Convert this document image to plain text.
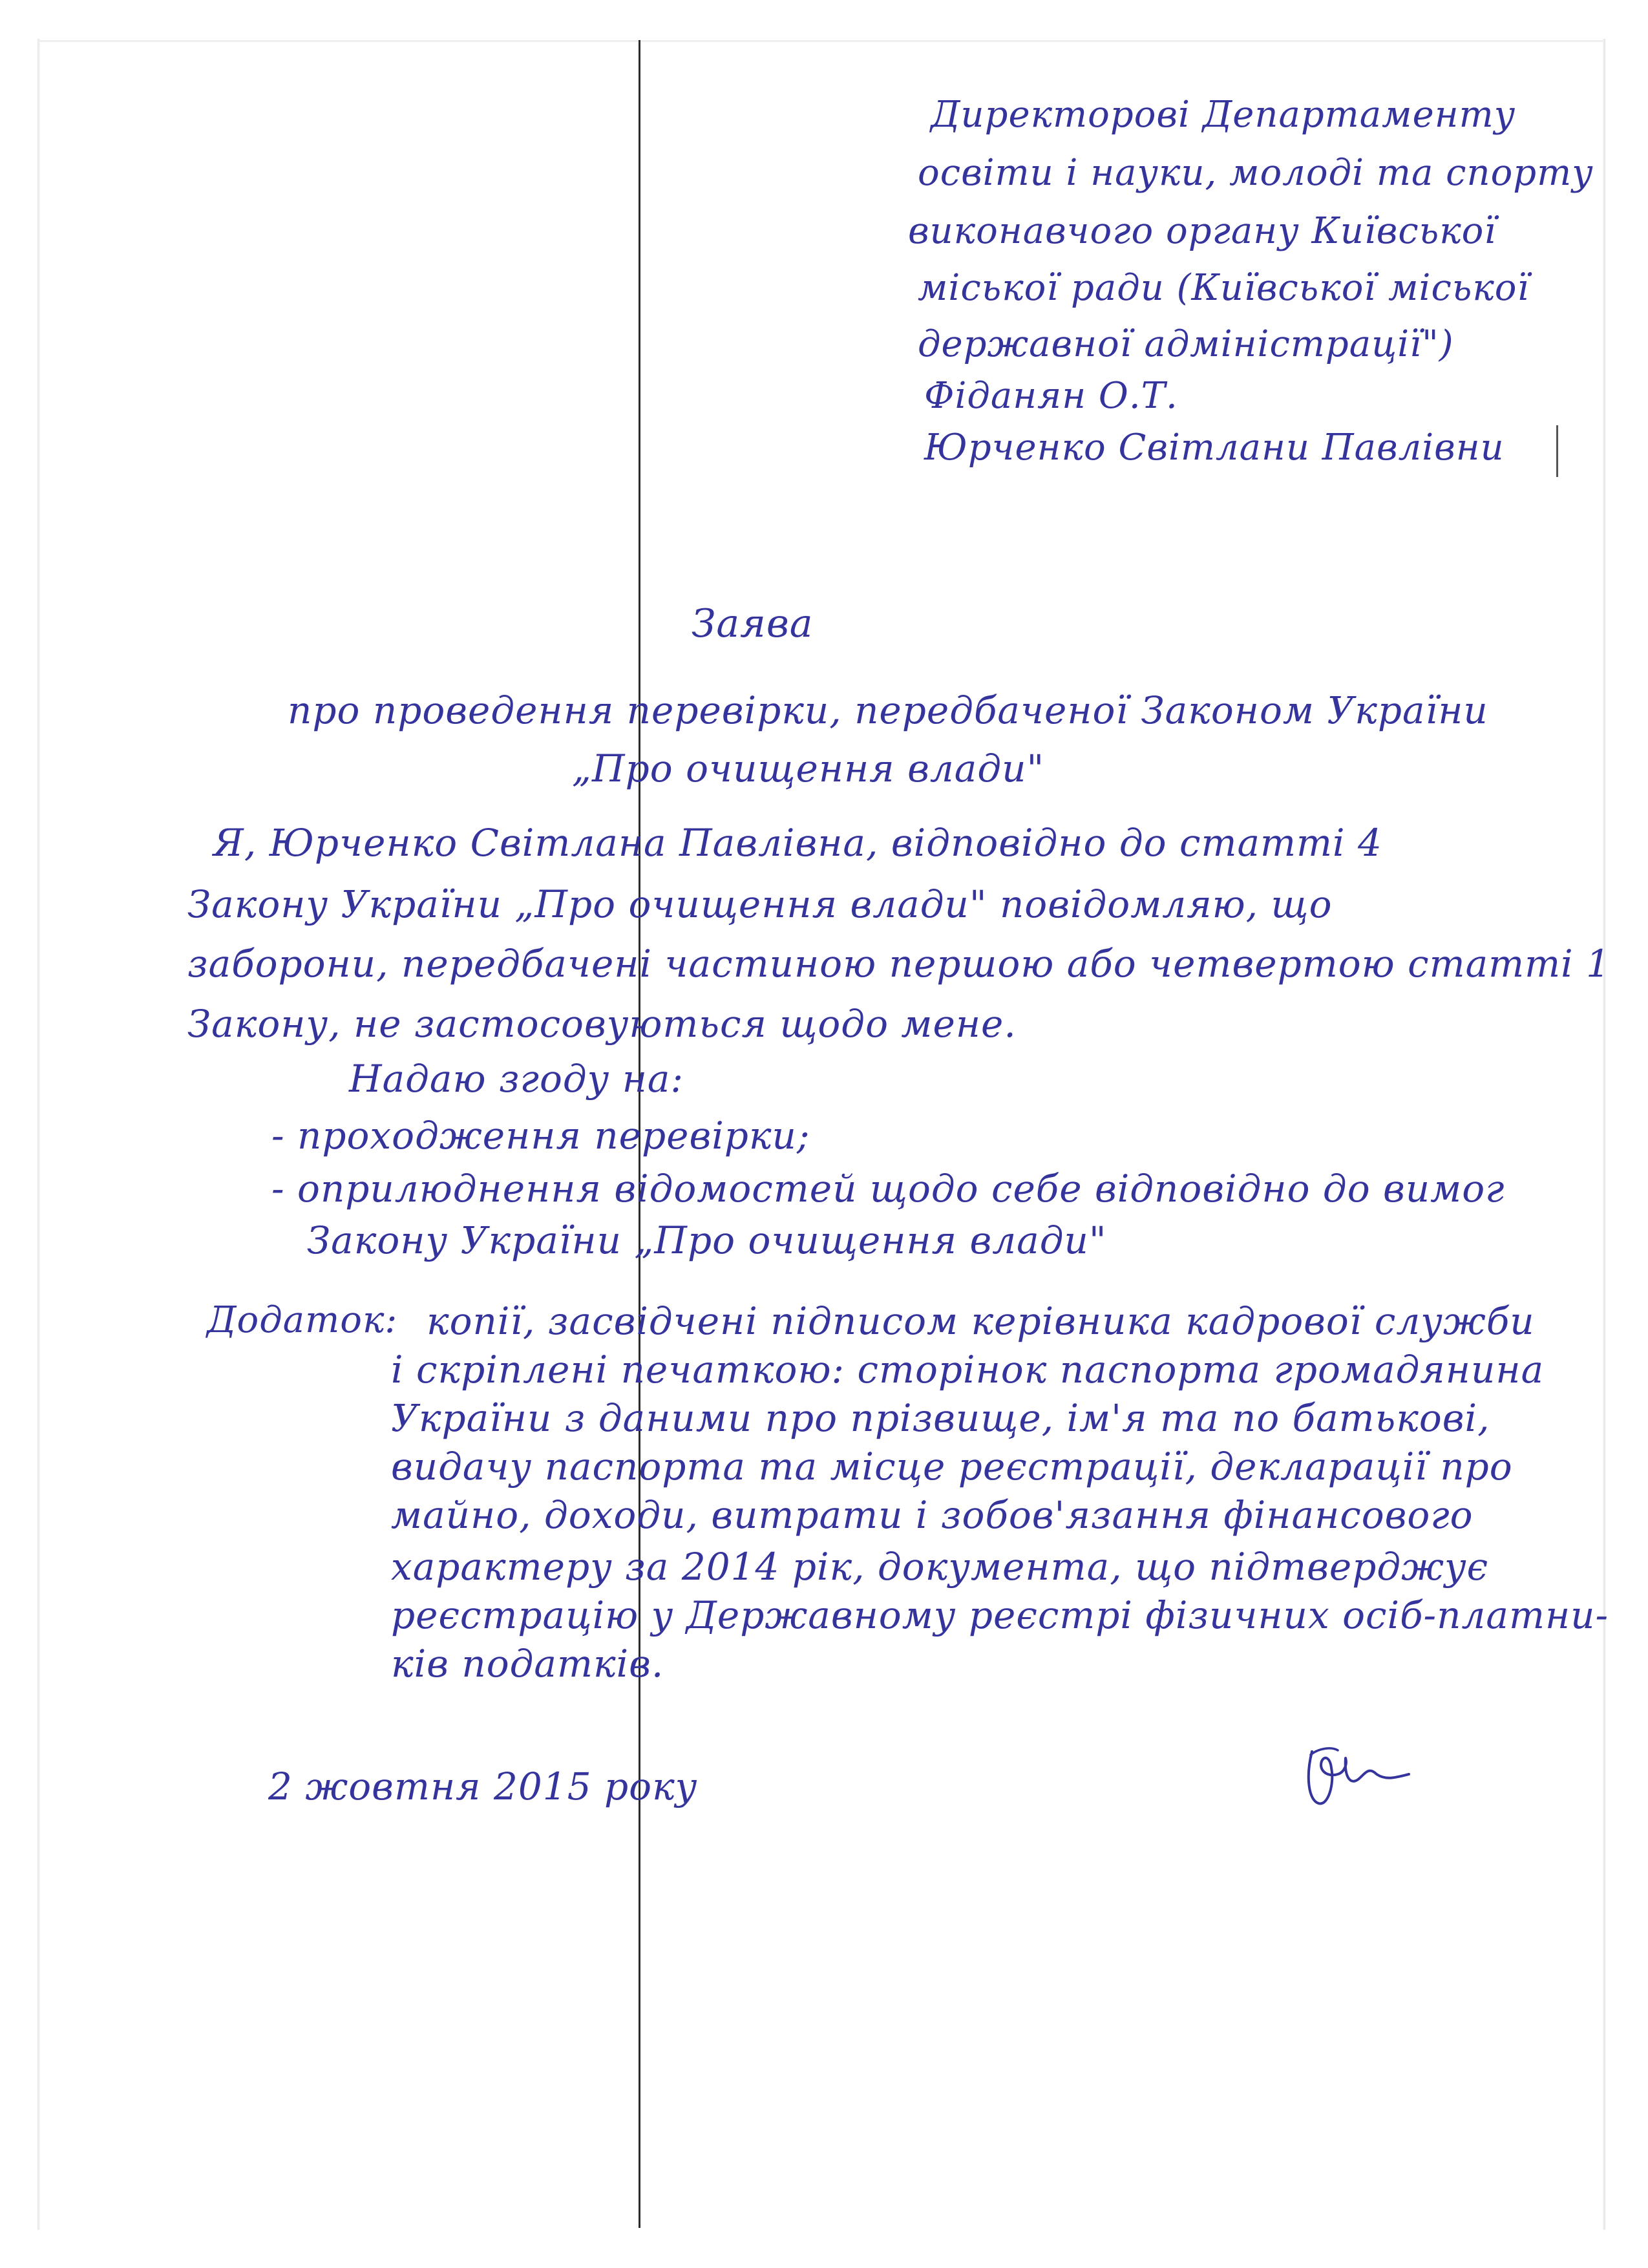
Директорові Департаменту
освіти і науки, молоді та спорту
виконавчого органу Київської
міської ради (Київської міської
державної адміністрації")
Фіданян О.Т.
Юрченко Світлани Павлівни
Заява
про проведення перевірки, передбаченої Законом України
„Про очищення влади"
Я, Юрченко Світлана Павлівна, відповідно до статті 4
Закону України „Про очищення влади" повідомляю, що
заборони, передбачені частиною першою або четвертою статті 1
Закону, не застосовуються щодо мене.
Надаю згоду на:
- проходження перевірки;
- оприлюднення відомостей щодо себе відповідно до вимог
Закону України „Про очищення влади"
Додаток: копії, засвідчені підписом керівника кадрової служби
і скріплені печаткою: сторінок паспорта громадянина
України з даними про прізвище, ім'я та по батькові,
видачу паспорта та місце реєстрації, декларації про
майно, доходи, витрати і зобов'язання фінансового
характеру за 2014 рік, документа, що підтверджує
реєстрацію у Державному реєстрі фізичних осіб-платни-
ків податків.
2 жовтня 2015 року
